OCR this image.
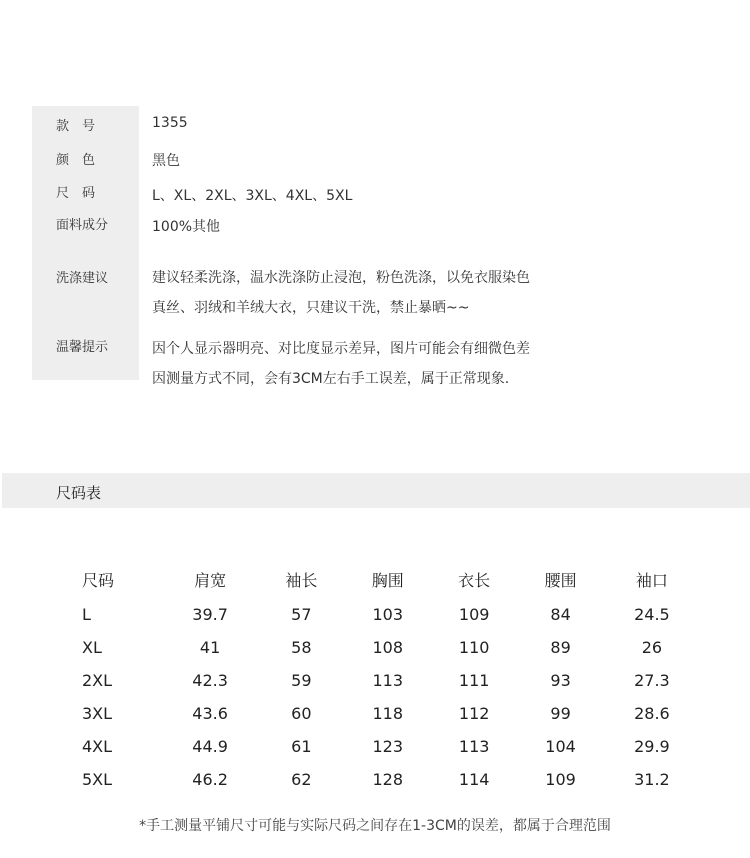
款　号	1355
颜　色	黑色
尺　码	L、XL、2XL、3XL、4XL、5XL
面料成分	100%其他
洗涤建议	建议轻柔洗涤，温水洗涤防止浸泡，粉色洗涤，以免衣服染色
真丝、羽绒和羊绒大衣，只建议干洗，禁止暴晒~~
温馨提示	因个人显示器明亮、对比度显示差异，图片可能会有细微色差
因测量方式不同，会有3CM左右手工误差，属于正常现象.
尺码表
尺码	肩宽	袖长	胸围	衣长	腰围	袖口
L	39.7	57	103	109	84	24.5
XL	41	58	108	110	89	26
2XL	42.3	59	113	111	93	27.3
3XL	43.6	60	118	112	99	28.6
4XL	44.9	61	123	113	104	29.9
5XL	46.2	62	128	114	109	31.2
*手工测量平铺尺寸可能与实际尺码之间存在1-3CM的误差，都属于合理范围
